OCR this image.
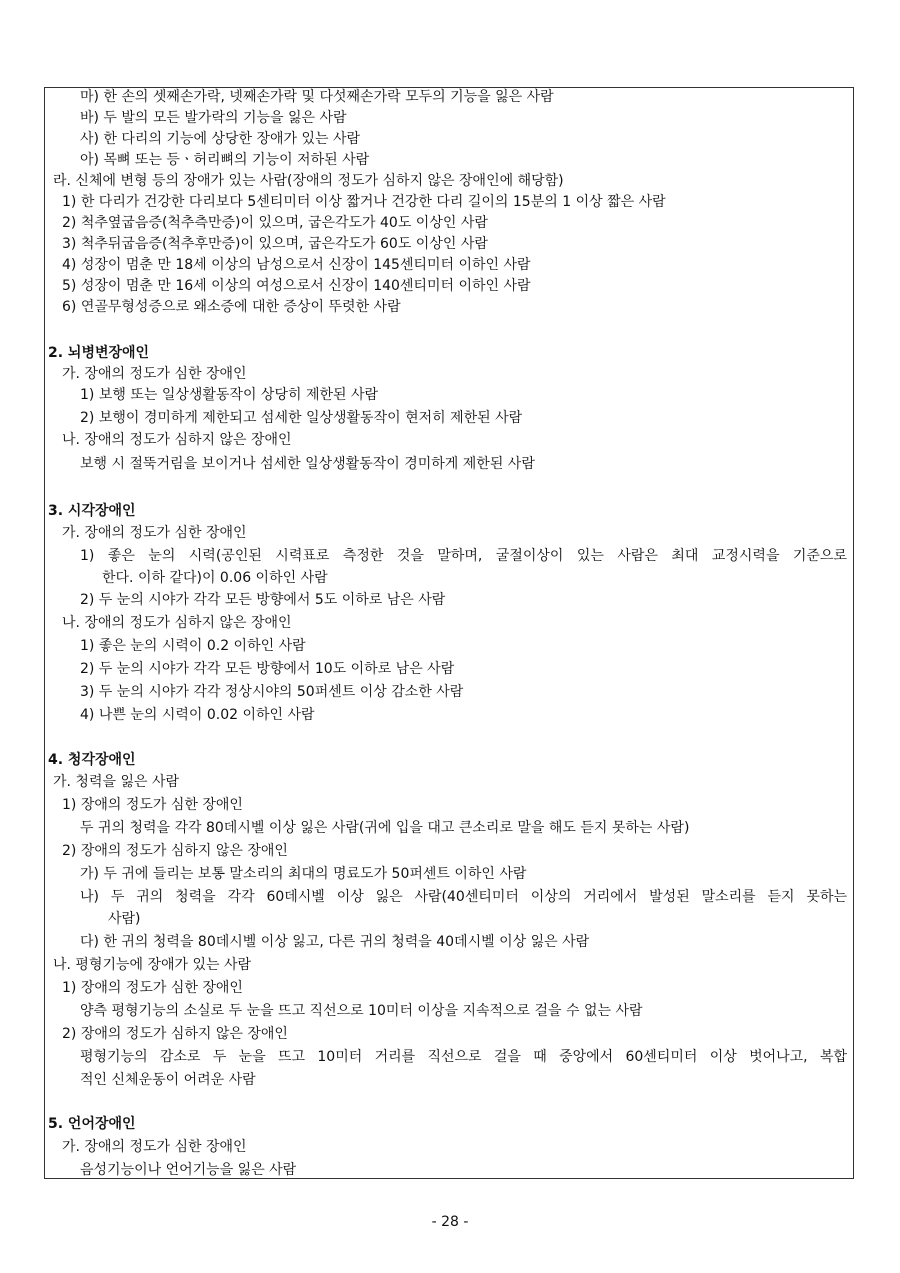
마) 한 손의 셋째손가락, 넷째손가락 및 다섯째손가락 모두의 기능을 잃은 사람
바) 두 발의 모든 발가락의 기능을 잃은 사람
사) 한 다리의 기능에 상당한 장애가 있는 사람
아) 목뼈 또는 등ㆍ허리뼈의 기능이 저하된 사람
라. 신체에 변형 등의 장애가 있는 사람(장애의 정도가 심하지 않은 장애인에 해당함)
1) 한 다리가 건강한 다리보다 5센티미터 이상 짧거나 건강한 다리 길이의 15분의 1 이상 짧은 사람
2) 척추옆굽음증(척추측만증)이 있으며, 굽은각도가 40도 이상인 사람
3) 척추뒤굽음증(척추후만증)이 있으며, 굽은각도가 60도 이상인 사람
4) 성장이 멈춘 만 18세 이상의 남성으로서 신장이 145센티미터 이하인 사람
5) 성장이 멈춘 만 16세 이상의 여성으로서 신장이 140센티미터 이하인 사람
6) 연골무형성증으로 왜소증에 대한 증상이 뚜렷한 사람
2. 뇌병변장애인
가. 장애의 정도가 심한 장애인
1) 보행 또는 일상생활동작이 상당히 제한된 사람
2) 보행이 경미하게 제한되고 섬세한 일상생활동작이 현저히 제한된 사람
나. 장애의 정도가 심하지 않은 장애인
보행 시 절뚝거림을 보이거나 섬세한 일상생활동작이 경미하게 제한된 사람
3. 시각장애인
가. 장애의 정도가 심한 장애인
1) 좋은 눈의 시력(공인된 시력표로 측정한 것을 말하며, 굴절이상이 있는 사람은 최대 교정시력을 기준으로
한다. 이하 같다)이 0.06 이하인 사람
2) 두 눈의 시야가 각각 모든 방향에서 5도 이하로 남은 사람
나. 장애의 정도가 심하지 않은 장애인
1) 좋은 눈의 시력이 0.2 이하인 사람
2) 두 눈의 시야가 각각 모든 방향에서 10도 이하로 남은 사람
3) 두 눈의 시야가 각각 정상시야의 50퍼센트 이상 감소한 사람
4) 나쁜 눈의 시력이 0.02 이하인 사람
4. 청각장애인
가. 청력을 잃은 사람
1) 장애의 정도가 심한 장애인
두 귀의 청력을 각각 80데시벨 이상 잃은 사람(귀에 입을 대고 큰소리로 말을 해도 듣지 못하는 사람)
2) 장애의 정도가 심하지 않은 장애인
가) 두 귀에 들리는 보통 말소리의 최대의 명료도가 50퍼센트 이하인 사람
나) 두 귀의 청력을 각각 60데시벨 이상 잃은 사람(40센티미터 이상의 거리에서 발성된 말소리를 듣지 못하는
사람)
다) 한 귀의 청력을 80데시벨 이상 잃고, 다른 귀의 청력을 40데시벨 이상 잃은 사람
나. 평형기능에 장애가 있는 사람
1) 장애의 정도가 심한 장애인
양측 평형기능의 소실로 두 눈을 뜨고 직선으로 10미터 이상을 지속적으로 걸을 수 없는 사람
2) 장애의 정도가 심하지 않은 장애인
평형기능의 감소로 두 눈을 뜨고 10미터 거리를 직선으로 걸을 때 중앙에서 60센티미터 이상 벗어나고, 복합
적인 신체운동이 어려운 사람
5. 언어장애인
가. 장애의 정도가 심한 장애인
음성기능이나 언어기능을 잃은 사람
- 28 -
